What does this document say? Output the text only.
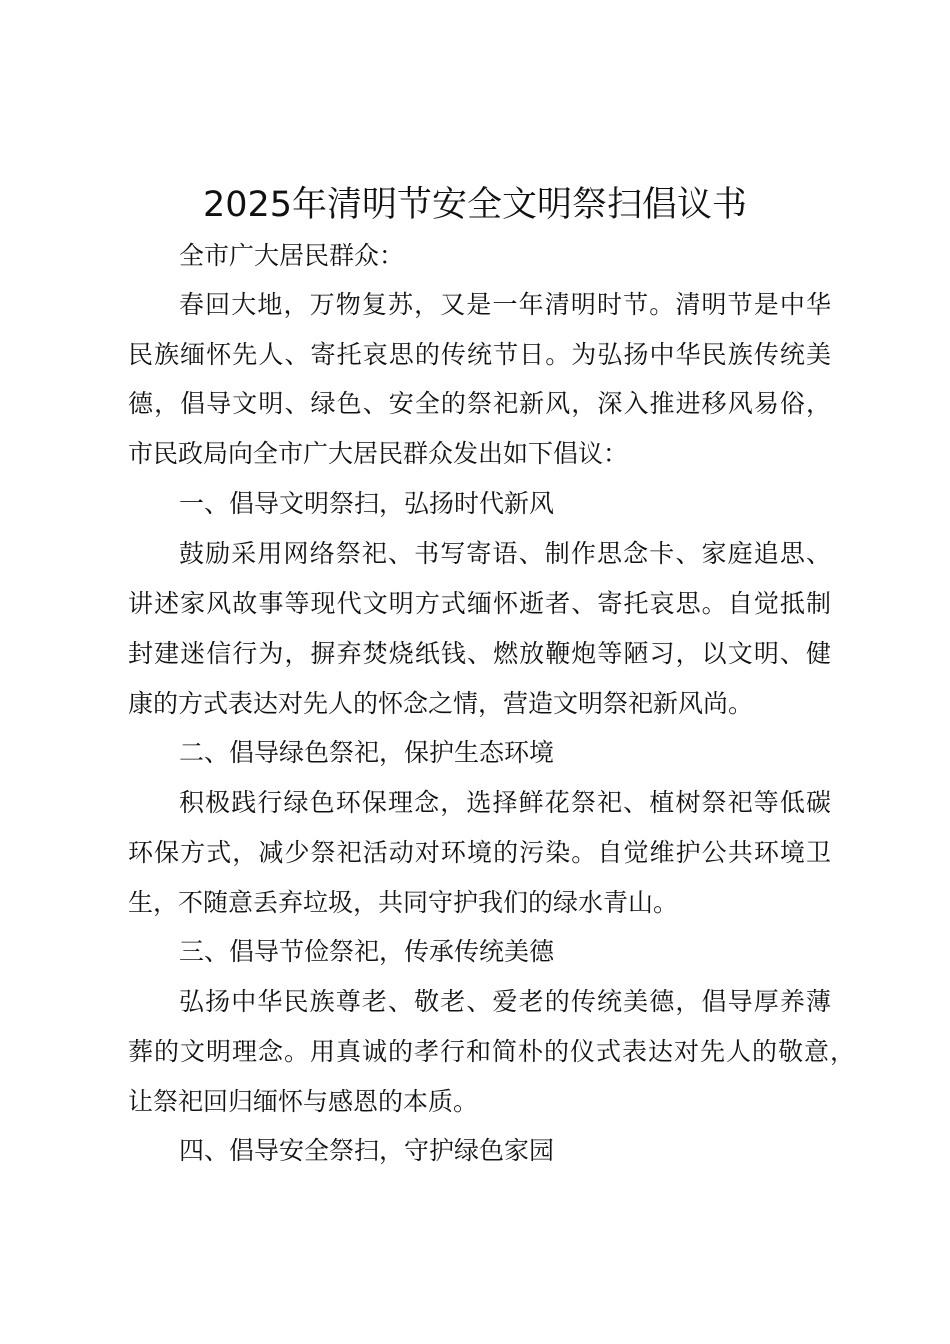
2025年清明节安全文明祭扫倡议书
全市广大居民群众：
春回大地，万物复苏，又是一年清明时节。清明节是中华
民族缅怀先人、寄托哀思的传统节日。为弘扬中华民族传统美
德，倡导文明、绿色、安全的祭祀新风，深入推进移风易俗，
市民政局向全市广大居民群众发出如下倡议：
一、倡导文明祭扫，弘扬时代新风
鼓励采用网络祭祀、书写寄语、制作思念卡、家庭追思、
讲述家风故事等现代文明方式缅怀逝者、寄托哀思。自觉抵制
封建迷信行为，摒弃焚烧纸钱、燃放鞭炮等陋习，以文明、健
康的方式表达对先人的怀念之情，营造文明祭祀新风尚。
二、倡导绿色祭祀，保护生态环境
积极践行绿色环保理念，选择鲜花祭祀、植树祭祀等低碳
环保方式，减少祭祀活动对环境的污染。自觉维护公共环境卫
生，不随意丢弃垃圾，共同守护我们的绿水青山。
三、倡导节俭祭祀，传承传统美德
弘扬中华民族尊老、敬老、爱老的传统美德，倡导厚养薄
葬的文明理念。用真诚的孝行和简朴的仪式表达对先人的敬意，
让祭祀回归缅怀与感恩的本质。
四、倡导安全祭扫，守护绿色家园
